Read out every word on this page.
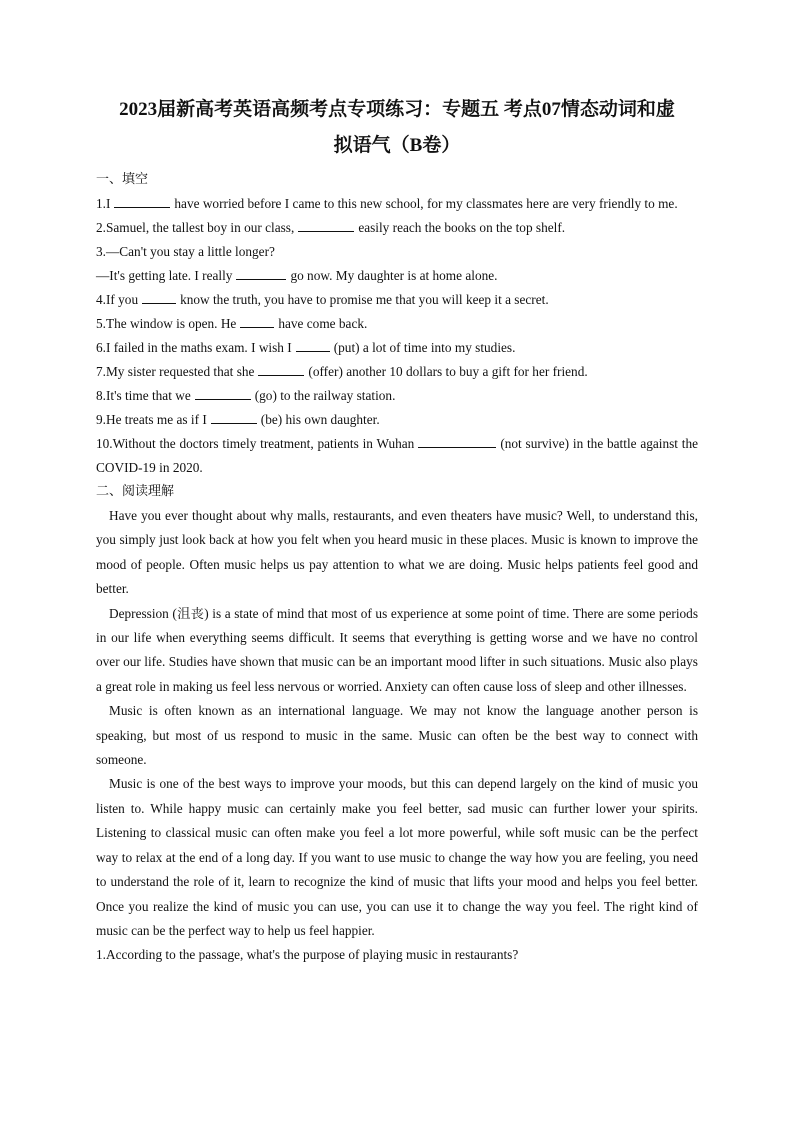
2023届新高考英语高频考点专项练习：专题五 考点07情态动词和虚
拟语气（B卷）

一、填空

1.I	have worried before I came to this new school, for my classmates here are very friendly to me.

2.Samuel, the tallest boy in our class,	easily reach the books on the top shelf.

3.—Can't you stay a little longer?

—It's getting late. I really	go now. My daughter is at home alone.

4.If you	know the truth, you have to promise me that you will keep it a secret.

5.The window is open. He	have come back.

6.I failed in the maths exam. I wish I	(put) a lot of time into my studies.

7.My sister requested that she	(offer) another 10 dollars to buy a gift for her friend.

8.It's time that we	(go) to the railway station.

9.He treats me as if I	(be) his own daughter.

10.Without the doctors timely treatment, patients in Wuhan	(not survive) in the battle against the COVID-19 in 2020.

二、阅读理解

Have you ever thought about why malls, restaurants, and even theaters have music? Well, to understand this, you simply just look back at how you felt when you heard music in these places. Music is known to improve the mood of people. Often music helps us pay attention to what we are doing. Music helps patients feel good and better.

Depression (沮丧) is a state of mind that most of us experience at some point of time. There are some periods in our life when everything seems difficult. It seems that everything is getting worse and we have no control over our life. Studies have shown that music can be an important mood lifter in such situations. Music also plays a great role in making us feel less nervous or worried. Anxiety can often cause loss of sleep and other illnesses.

Music is often known as an international language. We may not know the language another person is speaking, but most of us respond to music in the same. Music can often be the best way to connect with someone.

Music is one of the best ways to improve your moods, but this can depend largely on the kind of music you listen to. While happy music can certainly make you feel better, sad music can further lower your spirits. Listening to classical music can often make you feel a lot more powerful, while soft music can be the perfect way to relax at the end of a long day. If you want to use music to change the way how you are feeling, you need to understand the role of it, learn to recognize the kind of music that lifts your mood and helps you feel better. Once you realize the kind of music you can use, you can use it to change the way you feel. The right kind of music can be the perfect way to help us feel happier.

1.According to the passage, what's the purpose of playing music in restaurants?
